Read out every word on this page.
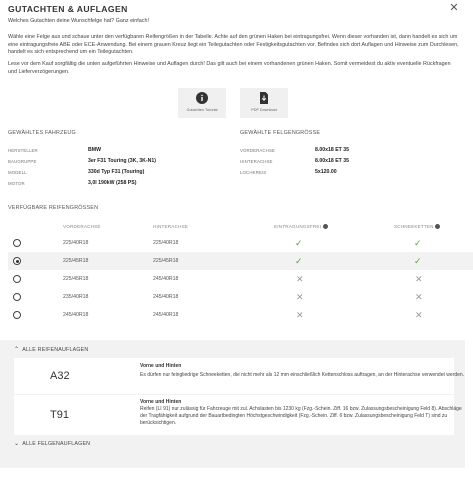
GUTACHTEN & AUFLAGEN	✕
Welches Gutachten deine Wunschfelge hat? Ganz einfach!
Wähle eine Felge aus und schaue unter den verfügbaren Reifengrößen in der Tabelle. Achte auf den grünen Haken bei eintragungsfrei. Wenn dieser vorhanden ist, dann handelt es sich um eine eintragungsfreie ABE oder ECE-Anwendung. Bei einem grauen Kreuz liegt ein Teilegutachten oder Festigkeitsgutachten vor. Befindes sich dort Auflagen und Hinweise zum Durchlesen, handelt es sich entsprechend um ein Teilegutachten.
Lese vor dem Kauf sorgfältig die unten aufgeführten Hinweise und Auflagen durch! Das gilt auch bei einem vorhandenen grünen Haken. Somit vermeidest du aktiv eventuelle Rückfragen und Lieferverzögerungen.
Gutachten Tutorial	PDF Download
GEWÄHLTES FAHRZEUG
HERSTELLER	BMW
BAUGRUPPE	3er F31 Touring (3K, 3K-N1)
MODELL	330d Typ F31 (Touring)
MOTOR	3,0l 190kW (258 PS)
GEWÄHLTE FELGENGRÖSSE
VORDERACHSE	8.00x18 ET 35
HINTERACHSE	8.00x18 ET 35
LOCHKREIS	5x120.00
VERFÜGBARE REIFENGRÖSSEN
VORDERACHSE	HINTERACHSE	EINTRAGUNGSFREI	SCHNEEKETTEN
225/40R18	225/40R18	✓	✓
225/45R18	225/45R18	✓	✓
225/45R18	245/40R18	✕	✕
235/40R18	245/40R18	✕	✕
245/40R18	245/40R18	✕	✕
⌃ ALLE REIFENAUFLAGEN
A32
Vorne und Hinten
Es dürfen nur feingliedrige Schneeketten, die nicht mehr als 12 mm einschließlich Kettenschloss auftragen, an der Hinterachse verwendet werden.
T91
Vorne und Hinten
Reifen (LI 91) nur zulässig für Fahrzeuge mit zul. Achslasten bis 1230 kg (Fzg.-Schein. Ziff. 16 bzw. Zulassungsbescheinigung Feld 8). Abschläge der Tragfähigkeit aufgrund der Bauartbedingten Höchstgeschwindigkeit (Fzg.-Schein. Ziff. 6 bzw. Zulassungsbescheinigung Feld T) sind zu berücksichtigen.
⌄ ALLE FELGENAUFLAGEN
